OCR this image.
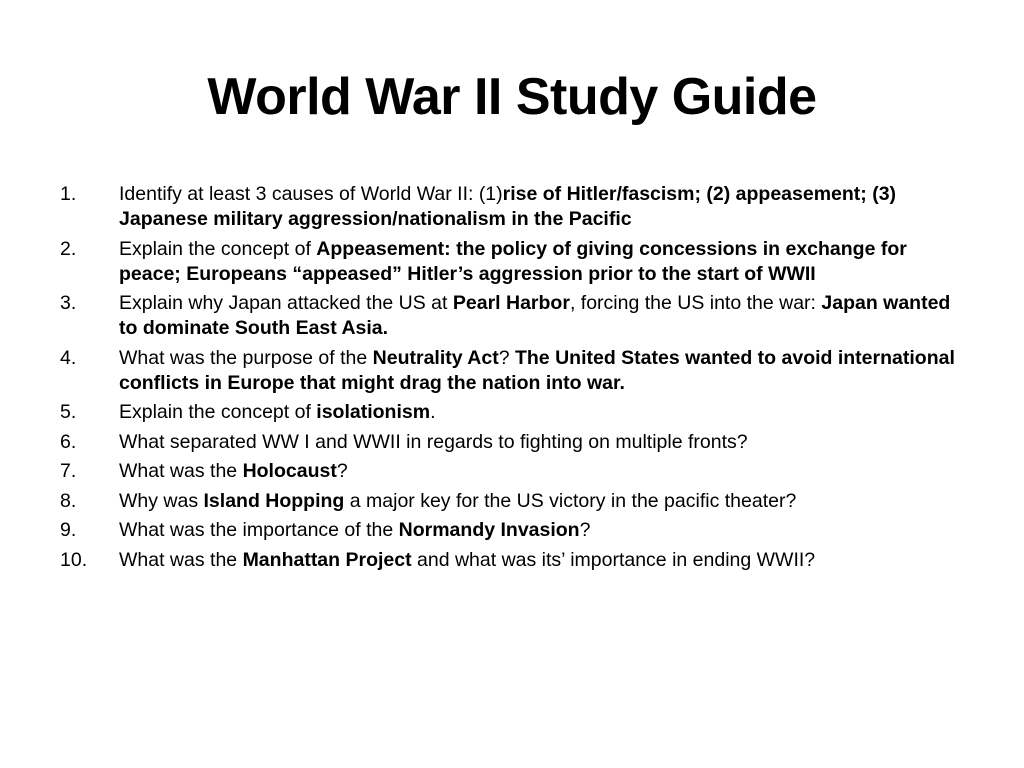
World War II Study Guide
1.	Identify at least 3 causes of World War II: (1)rise of Hitler/fascism; (2) appeasement; (3) Japanese military aggression/nationalism in the Pacific
2.	Explain the concept of Appeasement: the policy of giving concessions in exchange for peace; Europeans “appeased” Hitler’s aggression prior to the start of WWII
3.	Explain why Japan attacked the US at Pearl Harbor, forcing the US into the war: Japan wanted to dominate South East Asia.
4.	What was the purpose of the Neutrality Act? The United States wanted to avoid international conflicts in Europe that might drag the nation into war.
5.	Explain the concept of isolationism.
6.	What separated WW I and WWII in regards to fighting on multiple fronts?
7.	What was the Holocaust?
8.	Why was Island Hopping a major key for the US victory in the pacific theater?
9.	What was the importance of the Normandy Invasion?
10.	What was the Manhattan Project and what was its’ importance in ending WWII?
